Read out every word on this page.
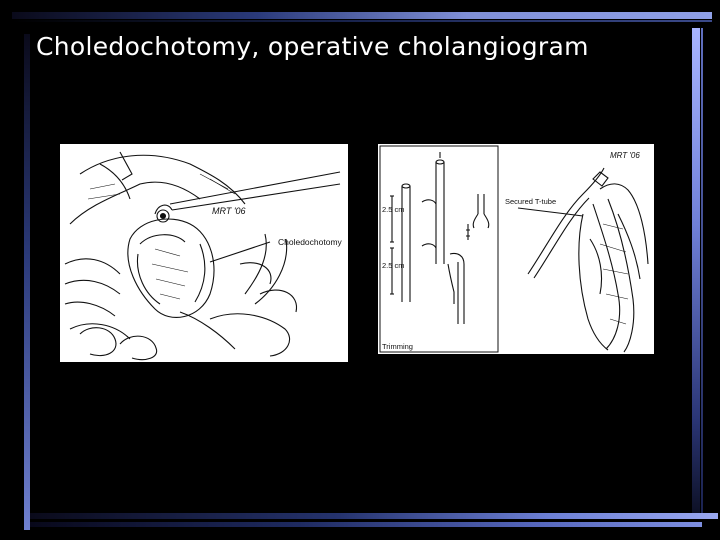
Choledochotomy, operative cholangiogram
MRT '06
Choledochotomy
2.5 cm
2.5 cm
Trimming
Secured T-tube
MRT '06
